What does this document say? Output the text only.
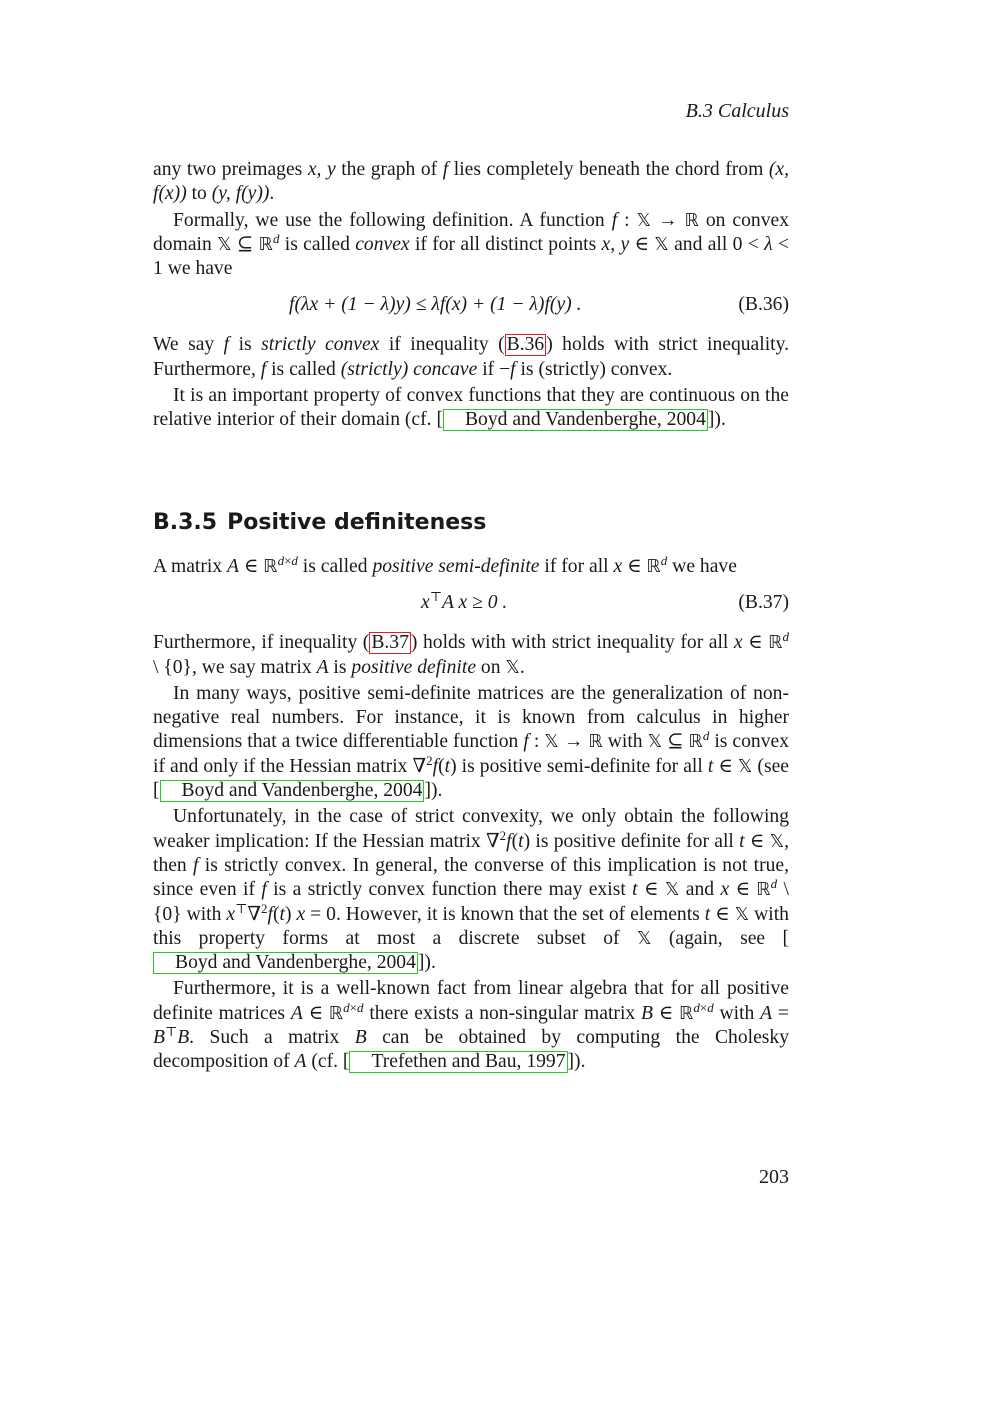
B.3 Calculus

any two preimages x, y the graph of f lies completely beneath the chord from (x, f(x)) to (y, f(y)).

Formally, we use the following definition. A function f : 𝕏 → ℝ on convex domain 𝕏 ⊆ ℝ$^d$ is called convex if for all distinct points x, y ∈ 𝕏 and all 0 < λ < 1 we have

f(λx + (1 − λ)y) ≤ λf(x) + (1 − λ)f(y) .	(B.36)

We say f is strictly convex if inequality ( B.36 ) holds with strict inequality. Furthermore, f is called (strictly) concave if −f is (strictly) convex.

It is an important property of convex functions that they are continuous on the relative interior of their domain (cf. [ Boyd and Vandenberghe, 2004 ]).

B.3.5 Positive definiteness

A matrix A ∈ ℝ$^{d\times d}$ is called positive semi-definite if for all x ∈ ℝ$^d$ we have

x⊤A x ≥ 0 .	(B.37)

Furthermore, if inequality ( B.37 ) holds with with strict inequality for all x ∈ ℝ$^d$ \ {0}, we say matrix A is positive definite on 𝕏.

In many ways, positive semi-definite matrices are the generalization of non-negative real numbers. For instance, it is known from calculus in higher dimensions that a twice differentiable function f : 𝕏 → ℝ with 𝕏 ⊆ ℝ$^d$ is convex if and only if the Hessian matrix ∇$^2$f(t) is positive semi-definite for all t ∈ 𝕏 (see [ Boyd and Vandenberghe, 2004 ]).

Unfortunately, in the case of strict convexity, we only obtain the following weaker implication: If the Hessian matrix ∇$^2$f(t) is positive definite for all t ∈ 𝕏, then f is strictly convex. In general, the converse of this implication is not true, since even if f is a strictly convex function there may exist t ∈ 𝕏 and x ∈ ℝ$^d$ \ {0} with x⊤∇$^2$f(t) x = 0. However, it is known that the set of elements t ∈ 𝕏 with this property forms at most a discrete subset of 𝕏 (again, see [Boyd and Vandenberghe, 2004 ]).

Furthermore, it is a well-known fact from linear algebra that for all positive definite matrices A ∈ ℝ$^{d\times d}$ there exists a non-singular matrix B ∈ ℝ$^{d\times d}$ with A = B⊤B. Such a matrix B can be obtained by computing the Cholesky decomposition of A (cf. [ Trefethen and Bau, 1997 ]).

203
